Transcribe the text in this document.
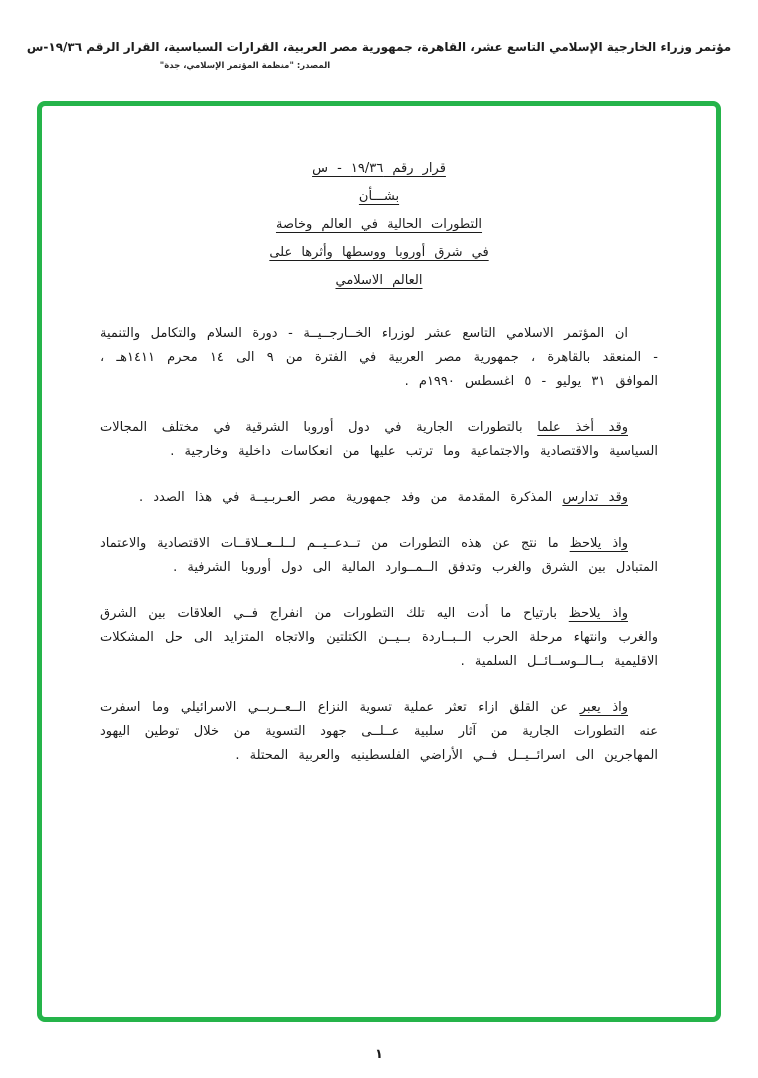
مؤتمر وزراء الخارجية الإسلامي التاسع عشر، القاهرة، جمهورية مصر العربية، القرارات السياسية، القرار الرقم ١٩/٣٦-س
المصدر: "منظمة المؤتمر الإسلامي، جدة"
قرار رقم ١٩/٣٦ - س
بشـــأن
التطورات الحالية في العالم وخاصة
في شرق أوروبا ووسطها وأثرها على
العالم الاسلامي

ان المؤتمر الاسلامي التاسع عشر لوزراء الخــارجــيــة - دورة السلام والتكامل والتنمية - المنعقد بالقاهرة ، جمهورية مصر العربية في الفترة من ٩ الى ١٤ محرم ١٤١١هـ ، الموافق ٣١ يوليو - ٥ اغسطس ١٩٩٠م .

وقد أخذ علما بالتطورات الجارية في دول أوروبا الشرقية في مختلف المجالات السياسية والاقتصادية والاجتماعية وما ترتب عليها من انعكاسات داخلية وخارجية .

وقد تدارس المذكرة المقدمة من وفد جمهورية مصر العـربـيــة في هذا الصدد .

واذ يلاحظ ما نتج عن هذه التطورات من تــدعــيــم لــلــعــلاقــات الاقتصادية والاعتماد المتبادل بين الشرق والغرب وتدفق الــمــوارد المالية الى دول أوروبا الشرفية .

واذ يلاحظ بارتياح ما أدت اليه تلك التطورات من انفراج فــي العلاقات بين الشرق والغرب وانتهاء مرحلة الحرب الــبــاردة بــيــن الكتلتين والاتجاه المتزايد الى حل المشكلات الاقليمية بــالــوســائــل السلمية .

واذ يعبر عن القلق ازاء تعثر عملية تسوية النزاع الــعــربــي الاسرائيلي وما اسفرت عنه التطورات الجارية من آثار سلبية عــلــى جهود التسوية من خلال توطين اليهود المهاجرين الى اسرائــيــل فــي الأراضي الفلسطينيه والعربية المحتلة .

١
